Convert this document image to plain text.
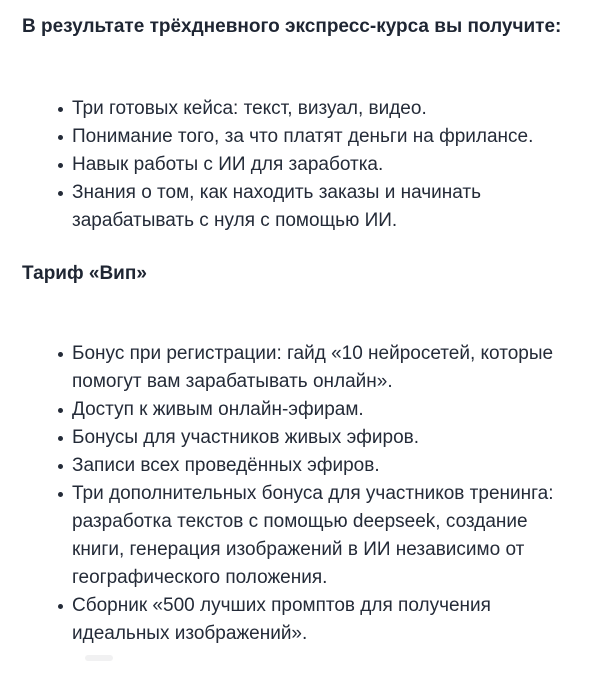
В результате трёхдневного экспресс-курса вы получите:
Три готовых кейса: текст, визуал, видео.
Понимание того, за что платят деньги на фрилансе.
Навык работы с ИИ для заработка.
Знания о том, как находить заказы и начинать зарабатывать с нуля с помощью ИИ.
Тариф «Вип»
Бонус при регистрации: гайд «10 нейросетей, которые помогут вам зарабатывать онлайн».
Доступ к живым онлайн-эфирам.
Бонусы для участников живых эфиров.
Записи всех проведённых эфиров.
Три дополнительных бонуса для участников тренинга: разработка текстов с помощью deepseek, создание книги, генерация изображений в ИИ независимо от географического положения.
Сборник «500 лучших промптов для получения идеальных изображений».
